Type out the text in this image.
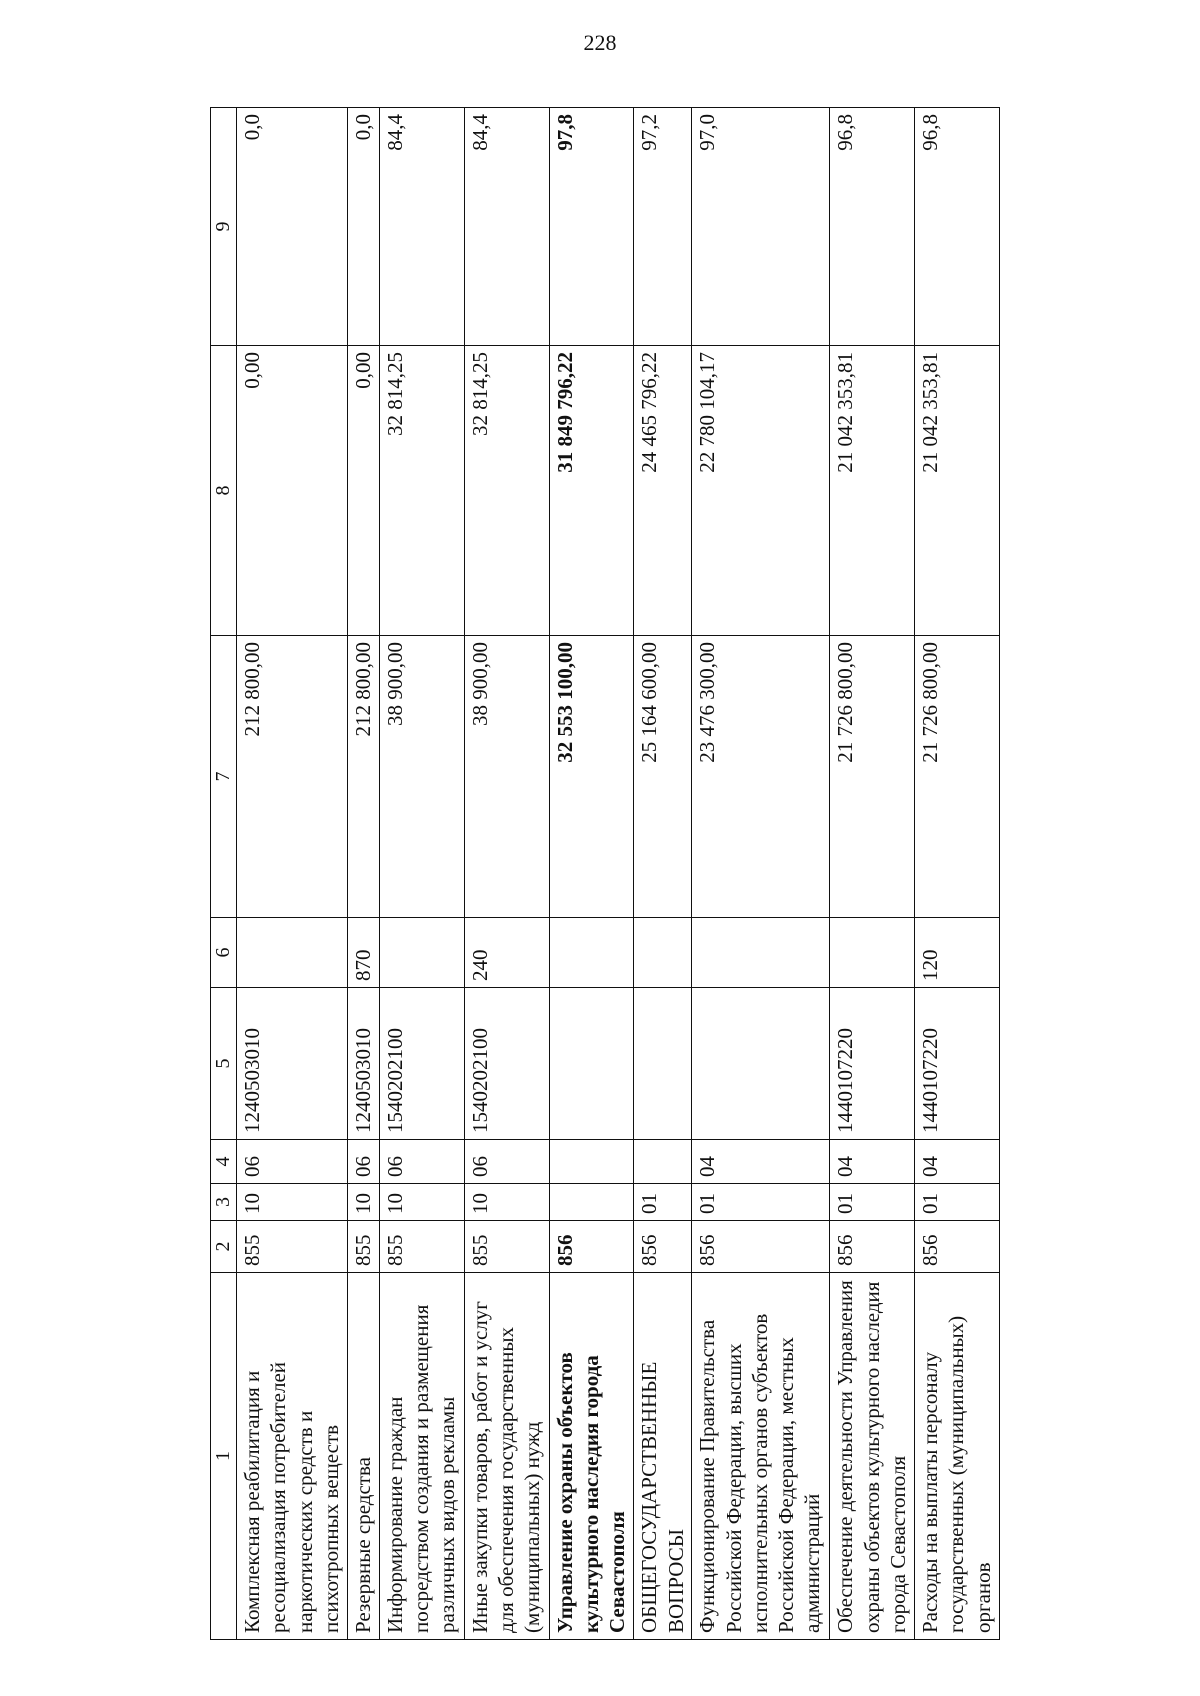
228
1	2	3	4	5	6	7	8	9
Комплексная реабилитация и ресоциализация потребителей наркотических средств и психотропных веществ	855	10	06	1240503010		212 800,00	0,00	0,0
Резервные средства	855	10	06	1240503010	870	212 800,00	0,00	0,0
Информирование граждан посредством создания и размещения различных видов рекламы	855	10	06	1540202100		38 900,00	32 814,25	84,4
Иные закупки товаров, работ и услуг для обеспечения государственных (муниципальных) нужд	855	10	06	1540202100	240	38 900,00	32 814,25	84,4
Управление охраны объектов культурного наследия города Севастополя	856					32 553 100,00	31 849 796,22	97,8
ОБЩЕГОСУДАРСТВЕННЫЕ ВОПРОСЫ	856	01				25 164 600,00	24 465 796,22	97,2
Функционирование Правительства Российской Федерации, высших исполнительных органов субъектов Российской Федерации, местных администраций	856	01	04			23 476 300,00	22 780 104,17	97,0
Обеспечение деятельности Управления охраны объектов культурного наследия города Севастополя	856	01	04	1440107220		21 726 800,00	21 042 353,81	96,8
Расходы на выплаты персоналу государственных (муниципальных) органов	856	01	04	1440107220	120	21 726 800,00	21 042 353,81	96,8
